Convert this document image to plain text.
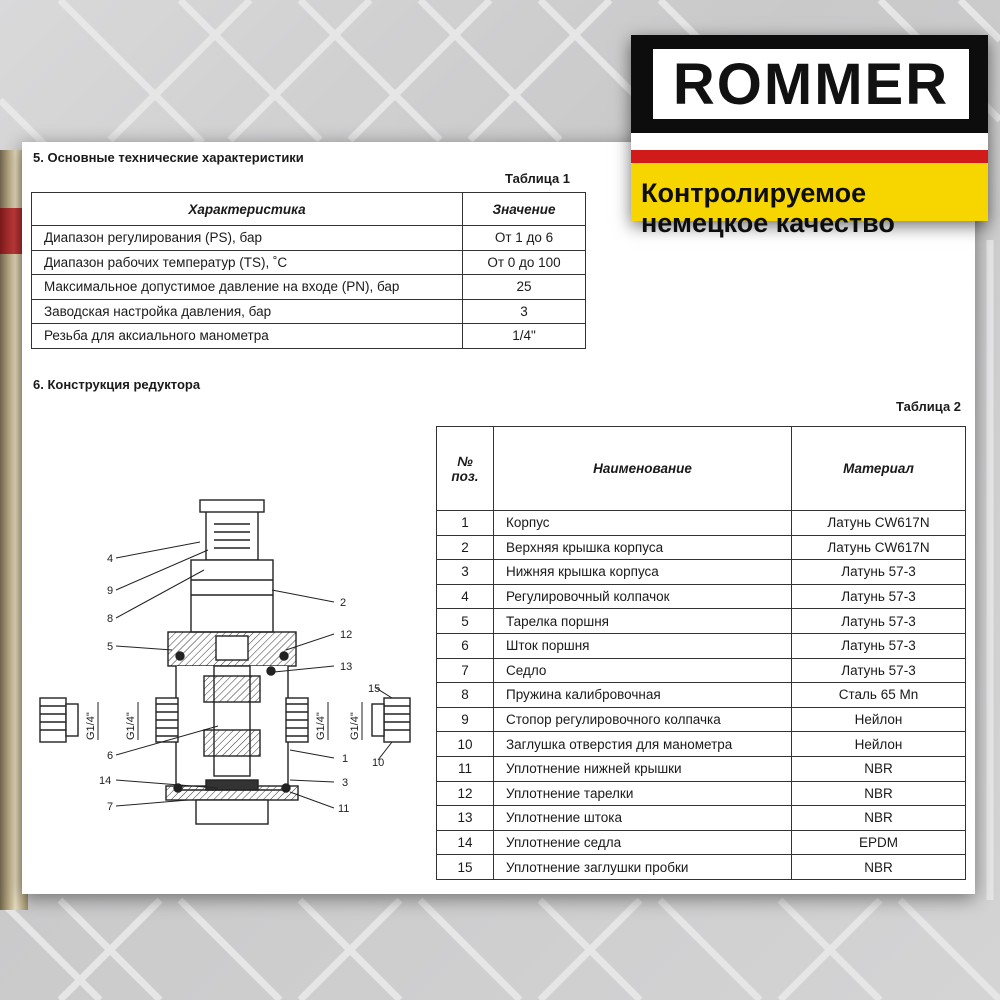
ROMMER
Контролируемое
немецкое качество
5. Основные технические характеристики
Таблица 1
Характеристика	Значение
Диапазон регулирования (PS), бар	От 1 до 6
Диапазон рабочих температур (TS), ˚С	От 0 до 100
Максимальное допустимое давление на входе (PN), бар	25
Заводская настройка давления, бар	3
Резьба для аксиального манометра	1/4"
6. Конструкция редуктора
Таблица 2
№
поз.	Наименование	Материал
1	Корпус	Латунь CW617N
2	Верхняя крышка корпуса	Латунь CW617N
3	Нижняя крышка корпуса	Латунь 57-3
4	Регулировочный колпачок	Латунь 57-3
5	Тарелка поршня	Латунь 57-3
6	Шток поршня	Латунь 57-3
7	Седло	Латунь 57-3
8	Пружина калибровочная	Сталь 65 Mn
9	Стопор регулировочного колпачка	Нейлон
10	Заглушка отверстия для манометра	Нейлон
11	Уплотнение нижней крышки	NBR
12	Уплотнение тарелки	NBR
13	Уплотнение штока	NBR
14	Уплотнение седла	EPDM
15	Уплотнение заглушки пробки	NBR
G1/4"	G1/4"	G1/4" G1/4"
4
9
8
5
6
14
7
2
12
13
1
3
11
15
10
